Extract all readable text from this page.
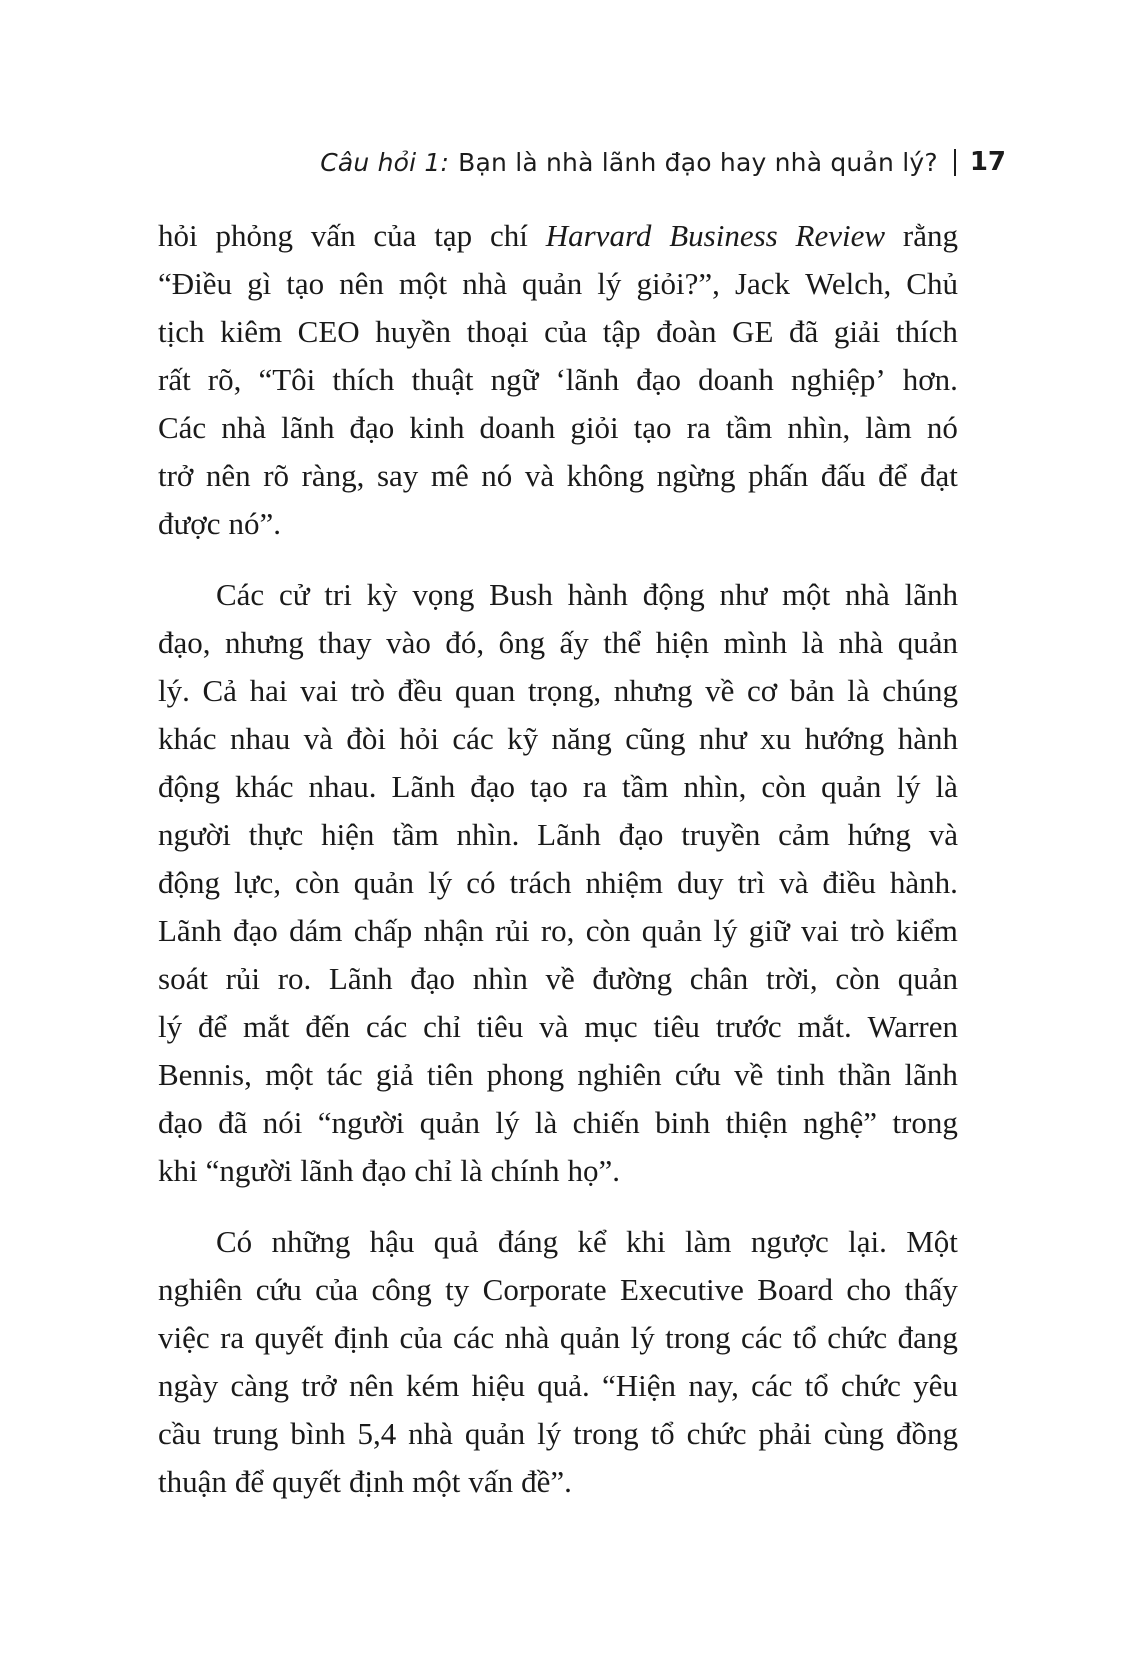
Câu hỏi 1: Bạn là nhà lãnh đạo hay nhà quản lý? 17
hỏi phỏng vấn của tạp chí Harvard Business Review rằng
“Điều gì tạo nên một nhà quản lý giỏi?”, Jack Welch, Chủ
tịch kiêm CEO huyền thoại của tập đoàn GE đã giải thích
rất rõ, “Tôi thích thuật ngữ ‘lãnh đạo doanh nghiệp’ hơn.
Các nhà lãnh đạo kinh doanh giỏi tạo ra tầm nhìn, làm nó
trở nên rõ ràng, say mê nó và không ngừng phấn đấu để đạt
được nó”.
Các cử tri kỳ vọng Bush hành động như một nhà lãnh
đạo, nhưng thay vào đó, ông ấy thể hiện mình là nhà quản
lý. Cả hai vai trò đều quan trọng, nhưng về cơ bản là chúng
khác nhau và đòi hỏi các kỹ năng cũng như xu hướng hành
động khác nhau. Lãnh đạo tạo ra tầm nhìn, còn quản lý là
người thực hiện tầm nhìn. Lãnh đạo truyền cảm hứng và
động lực, còn quản lý có trách nhiệm duy trì và điều hành.
Lãnh đạo dám chấp nhận rủi ro, còn quản lý giữ vai trò kiểm
soát rủi ro. Lãnh đạo nhìn về đường chân trời, còn quản
lý để mắt đến các chỉ tiêu và mục tiêu trước mắt. Warren
Bennis, một tác giả tiên phong nghiên cứu về tinh thần lãnh
đạo đã nói “người quản lý là chiến binh thiện nghệ” trong
khi “người lãnh đạo chỉ là chính họ”.
Có những hậu quả đáng kể khi làm ngược lại. Một
nghiên cứu của công ty Corporate Executive Board cho thấy
việc ra quyết định của các nhà quản lý trong các tổ chức đang
ngày càng trở nên kém hiệu quả. “Hiện nay, các tổ chức yêu
cầu trung bình 5,4 nhà quản lý trong tổ chức phải cùng đồng
thuận để quyết định một vấn đề”.
